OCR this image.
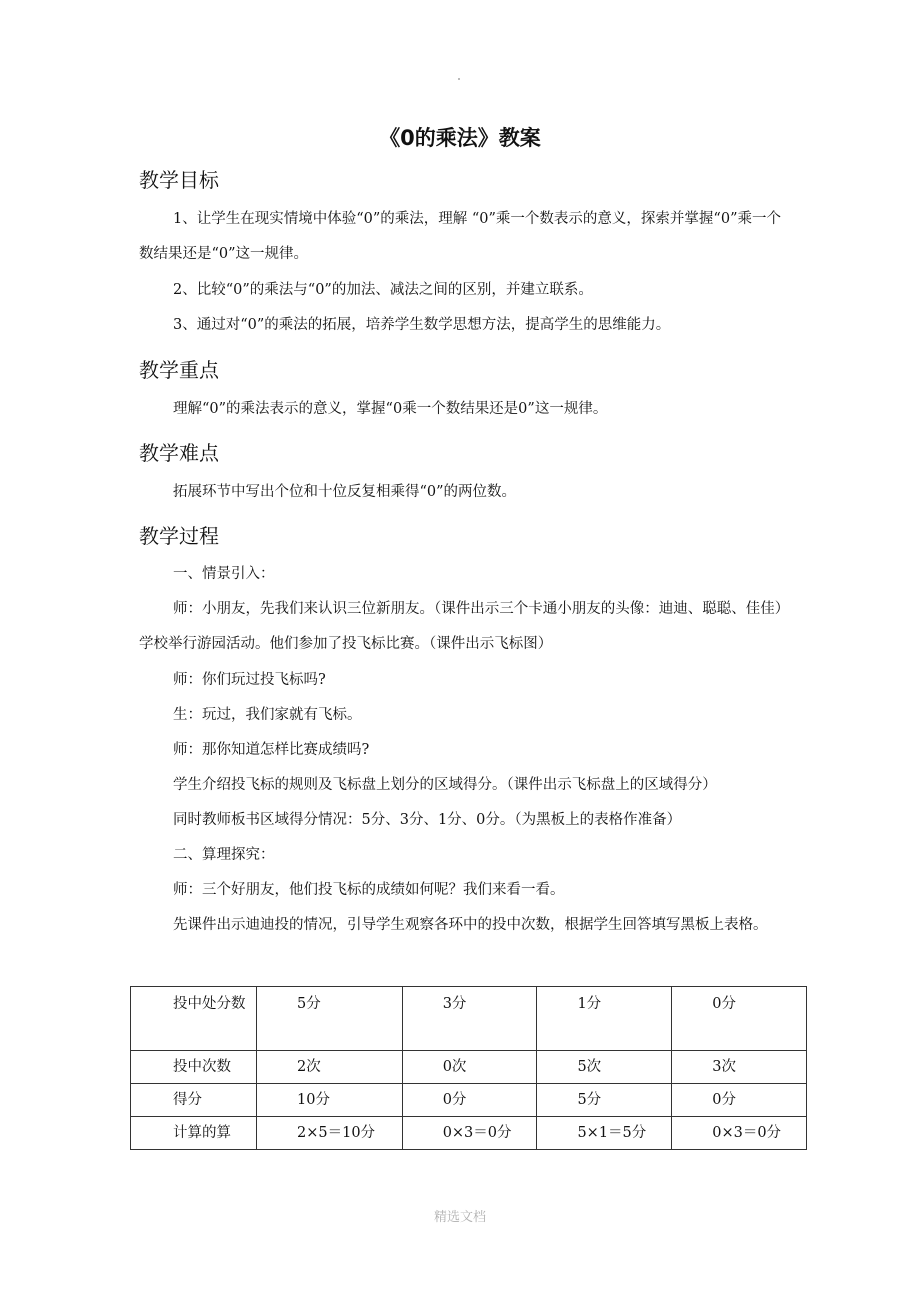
《0的乘法》教案
教学目标

1、让学生在现实情境中体验“0”的乘法，理解 “0”乘一个数表示的意义，探索并掌握“0”乘一个数结果还是“0”这一规律。

2、比较“0”的乘法与“0”的加法、减法之间的区别，并建立联系。

3、通过对“0”的乘法的拓展，培养学生数学思想方法，提高学生的思维能力。

教学重点

理解“0”的乘法表示的意义，掌握“0乘一个数结果还是0”这一规律。

教学难点

拓展环节中写出个位和十位反复相乘得“0”的两位数。

教学过程

一、情景引入：

师：小朋友，先我们来认识三位新朋友。（课件出示三个卡通小朋友的头像：迪迪、聪聪、佳佳）学校举行游园活动。他们参加了投飞标比赛。（课件出示飞标图）

师：你们玩过投飞标吗?

生：玩过，我们家就有飞标。

师：那你知道怎样比赛成绩吗?

学生介绍投飞标的规则及飞标盘上划分的区域得分。（课件出示飞标盘上的区域得分）

同时教师板书区域得分情况：5分、3分、1分、0分。（为黑板上的表格作准备）

二、算理探究：

师：三个好朋友，他们投飞标的成绩如何呢？我们来看一看。

先课件出示迪迪投的情况，引导学生观察各环中的投中次数，根据学生回答填写黑板上表格。

投中处分数	5分	3分	1分	0分
投中次数	2次	0次	5次	3次
得分	10分	0分	5分	0分
计算的算	2×5＝10分	0×3＝0分	5×1＝5分	0×3＝0分
精选文档
